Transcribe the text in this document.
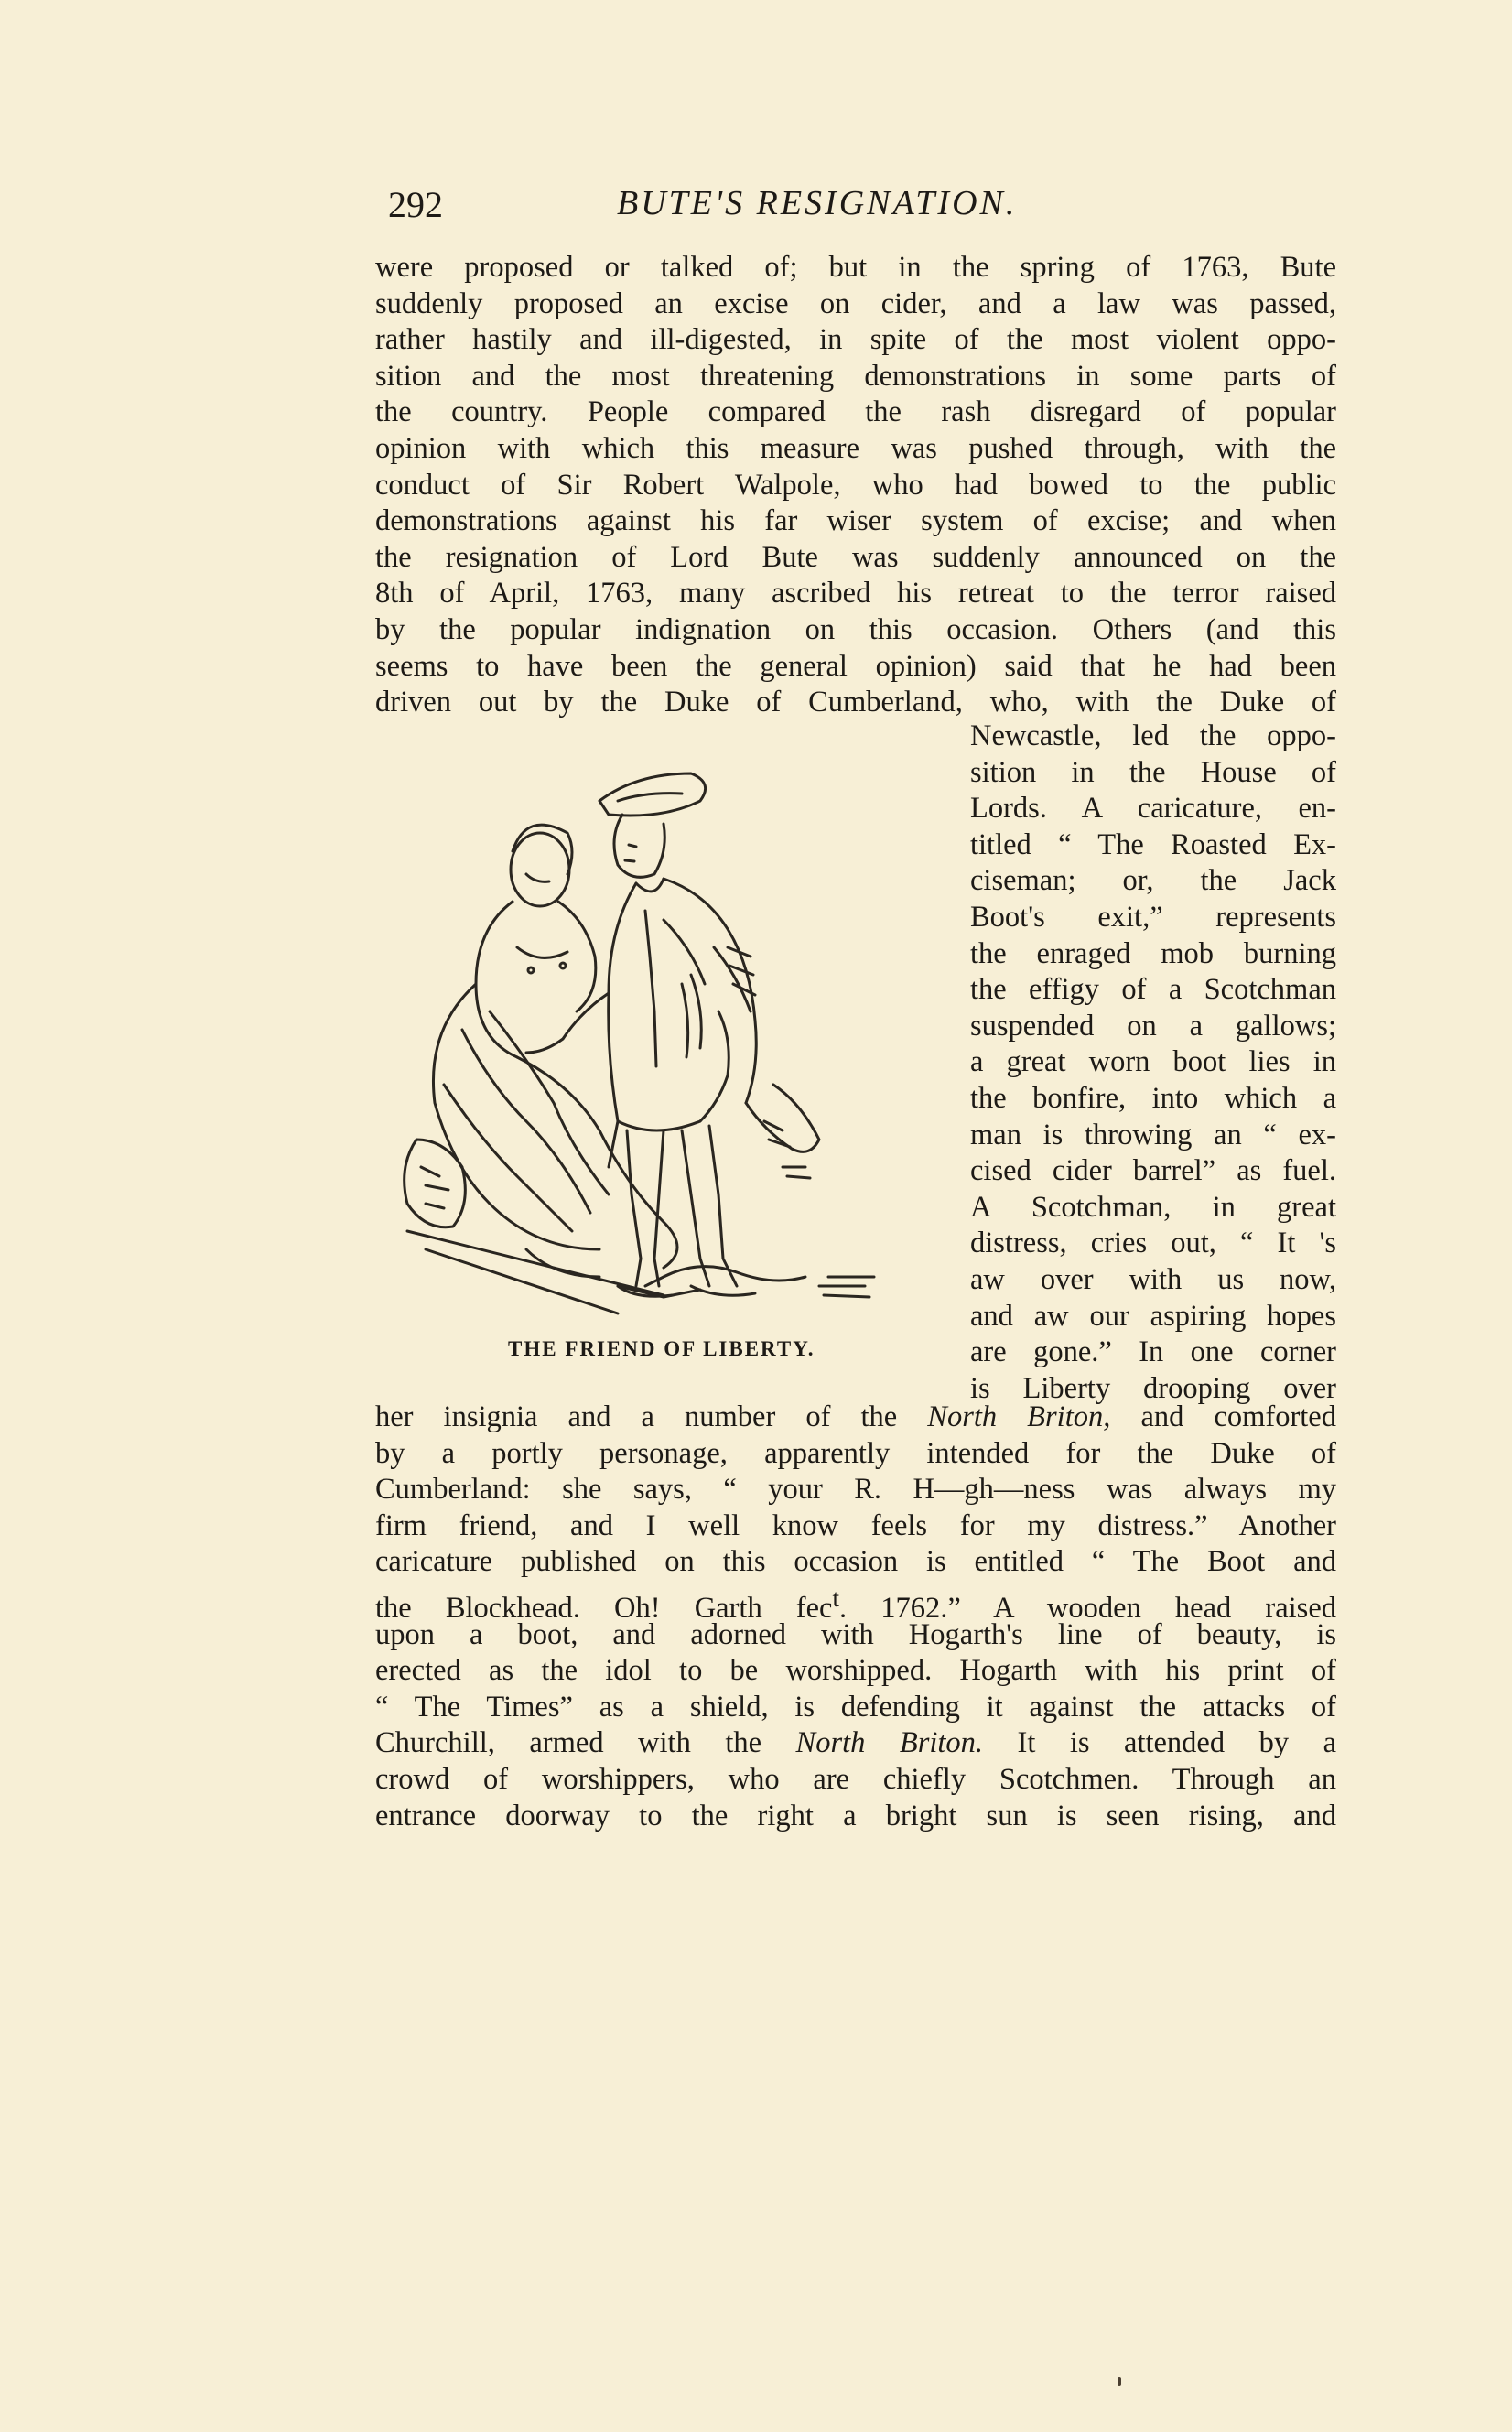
292	BUTE'S RESIGNATION.
were proposed or talked of; but in the spring of 1763, Bute
suddenly proposed an excise on cider, and a law was passed,
rather hastily and ill-digested, in spite of the most violent oppo-
sition and the most threatening demonstrations in some parts of
the country. People compared the rash disregard of popular
opinion with which this measure was pushed through, with the
conduct of Sir Robert Walpole, who had bowed to the public
demonstrations against his far wiser system of excise; and when
the resignation of Lord Bute was suddenly announced on the
8th of April, 1763, many ascribed his retreat to the terror raised
by the popular indignation on this occasion. Others (and this
seems to have been the general opinion) said that he had been
driven out by the Duke of Cumberland, who, with the Duke of
Newcastle, led the oppo-
sition in the House of
Lords. A caricature, en-
titled “ The Roasted Ex-
ciseman; or, the Jack
Boot's exit,” represents
the enraged mob burning
the effigy of a Scotchman
suspended on a gallows;
a great worn boot lies in
the bonfire, into which a
man is throwing an “ ex-
cised cider barrel” as fuel.
A Scotchman, in great
distress, cries out, “ It 's
aw over with us now,
and aw our aspiring hopes
are gone.” In one corner
is Liberty drooping over
THE FRIEND OF LIBERTY.
her insignia and a number of the North Briton, and comforted
by a portly personage, apparently intended for the Duke of
Cumberland: she says, “ your R. H—gh—ness was always my
firm friend, and I well know feels for my distress.” Another
caricature published on this occasion is entitled “ The Boot and
the Blockhead. Oh! Garth fec$^t$. 1762.” A wooden head raised
upon a boot, and adorned with Hogarth's line of beauty, is
erected as the idol to be worshipped. Hogarth with his print of
“ The Times” as a shield, is defending it against the attacks of
Churchill, armed with the North Briton. It is attended by a
crowd of worshippers, who are chiefly Scotchmen. Through an
entrance doorway to the right a bright sun is seen rising, and
